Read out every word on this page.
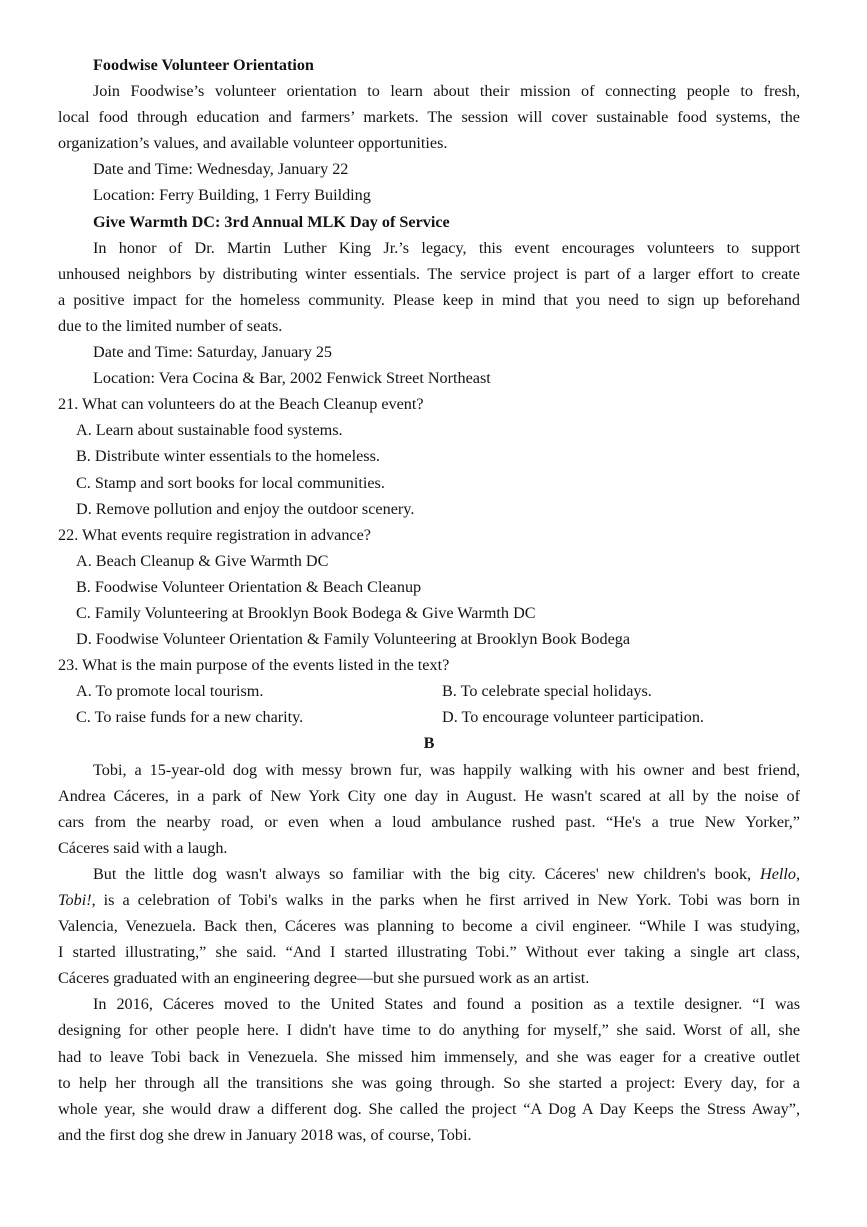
Foodwise Volunteer Orientation
Join Foodwise’s volunteer orientation to learn about their mission of connecting people to fresh,
local food through education and farmers’ markets. The session will cover sustainable food systems, the
organization’s values, and available volunteer opportunities.
Date and Time: Wednesday, January 22
Location: Ferry Building, 1 Ferry Building
Give Warmth DC: 3rd Annual MLK Day of Service
In honor of Dr. Martin Luther King Jr.’s legacy, this event encourages volunteers to support
unhoused neighbors by distributing winter essentials. The service project is part of a larger effort to create
a positive impact for the homeless community. Please keep in mind that you need to sign up beforehand
due to the limited number of seats.
Date and Time: Saturday, January 25
Location: Vera Cocina & Bar, 2002 Fenwick Street Northeast
21. What can volunteers do at the Beach Cleanup event?
A. Learn about sustainable food systems.
B. Distribute winter essentials to the homeless.
C. Stamp and sort books for local communities.
D. Remove pollution and enjoy the outdoor scenery.
22. What events require registration in advance?
A. Beach Cleanup & Give Warmth DC
B. Foodwise Volunteer Orientation & Beach Cleanup
C. Family Volunteering at Brooklyn Book Bodega & Give Warmth DC
D. Foodwise Volunteer Orientation & Family Volunteering at Brooklyn Book Bodega
23. What is the main purpose of the events listed in the text?
A. To promote local tourism.	B. To celebrate special holidays.
C. To raise funds for a new charity.	D. To encourage volunteer participation.
B
Tobi, a 15-year-old dog with messy brown fur, was happily walking with his owner and best friend,
Andrea Cáceres, in a park of New York City one day in August. He wasn't scared at all by the noise of
cars from the nearby road, or even when a loud ambulance rushed past. “He's a true New Yorker,”
Cáceres said with a laugh.
But the little dog wasn't always so familiar with the big city. Cáceres' new children's book, Hello,
Tobi!, is a celebration of Tobi's walks in the parks when he first arrived in New York. Tobi was born in
Valencia, Venezuela. Back then, Cáceres was planning to become a civil engineer. “While I was studying,
I started illustrating,” she said. “And I started illustrating Tobi.” Without ever taking a single art class,
Cáceres graduated with an engineering degree—but she pursued work as an artist.
In 2016, Cáceres moved to the United States and found a position as a textile designer. “I was
designing for other people here. I didn't have time to do anything for myself,” she said. Worst of all, she
had to leave Tobi back in Venezuela. She missed him immensely, and she was eager for a creative outlet
to help her through all the transitions she was going through. So she started a project: Every day, for a
whole year, she would draw a different dog. She called the project “A Dog A Day Keeps the Stress Away”,
and the first dog she drew in January 2018 was, of course, Tobi.
